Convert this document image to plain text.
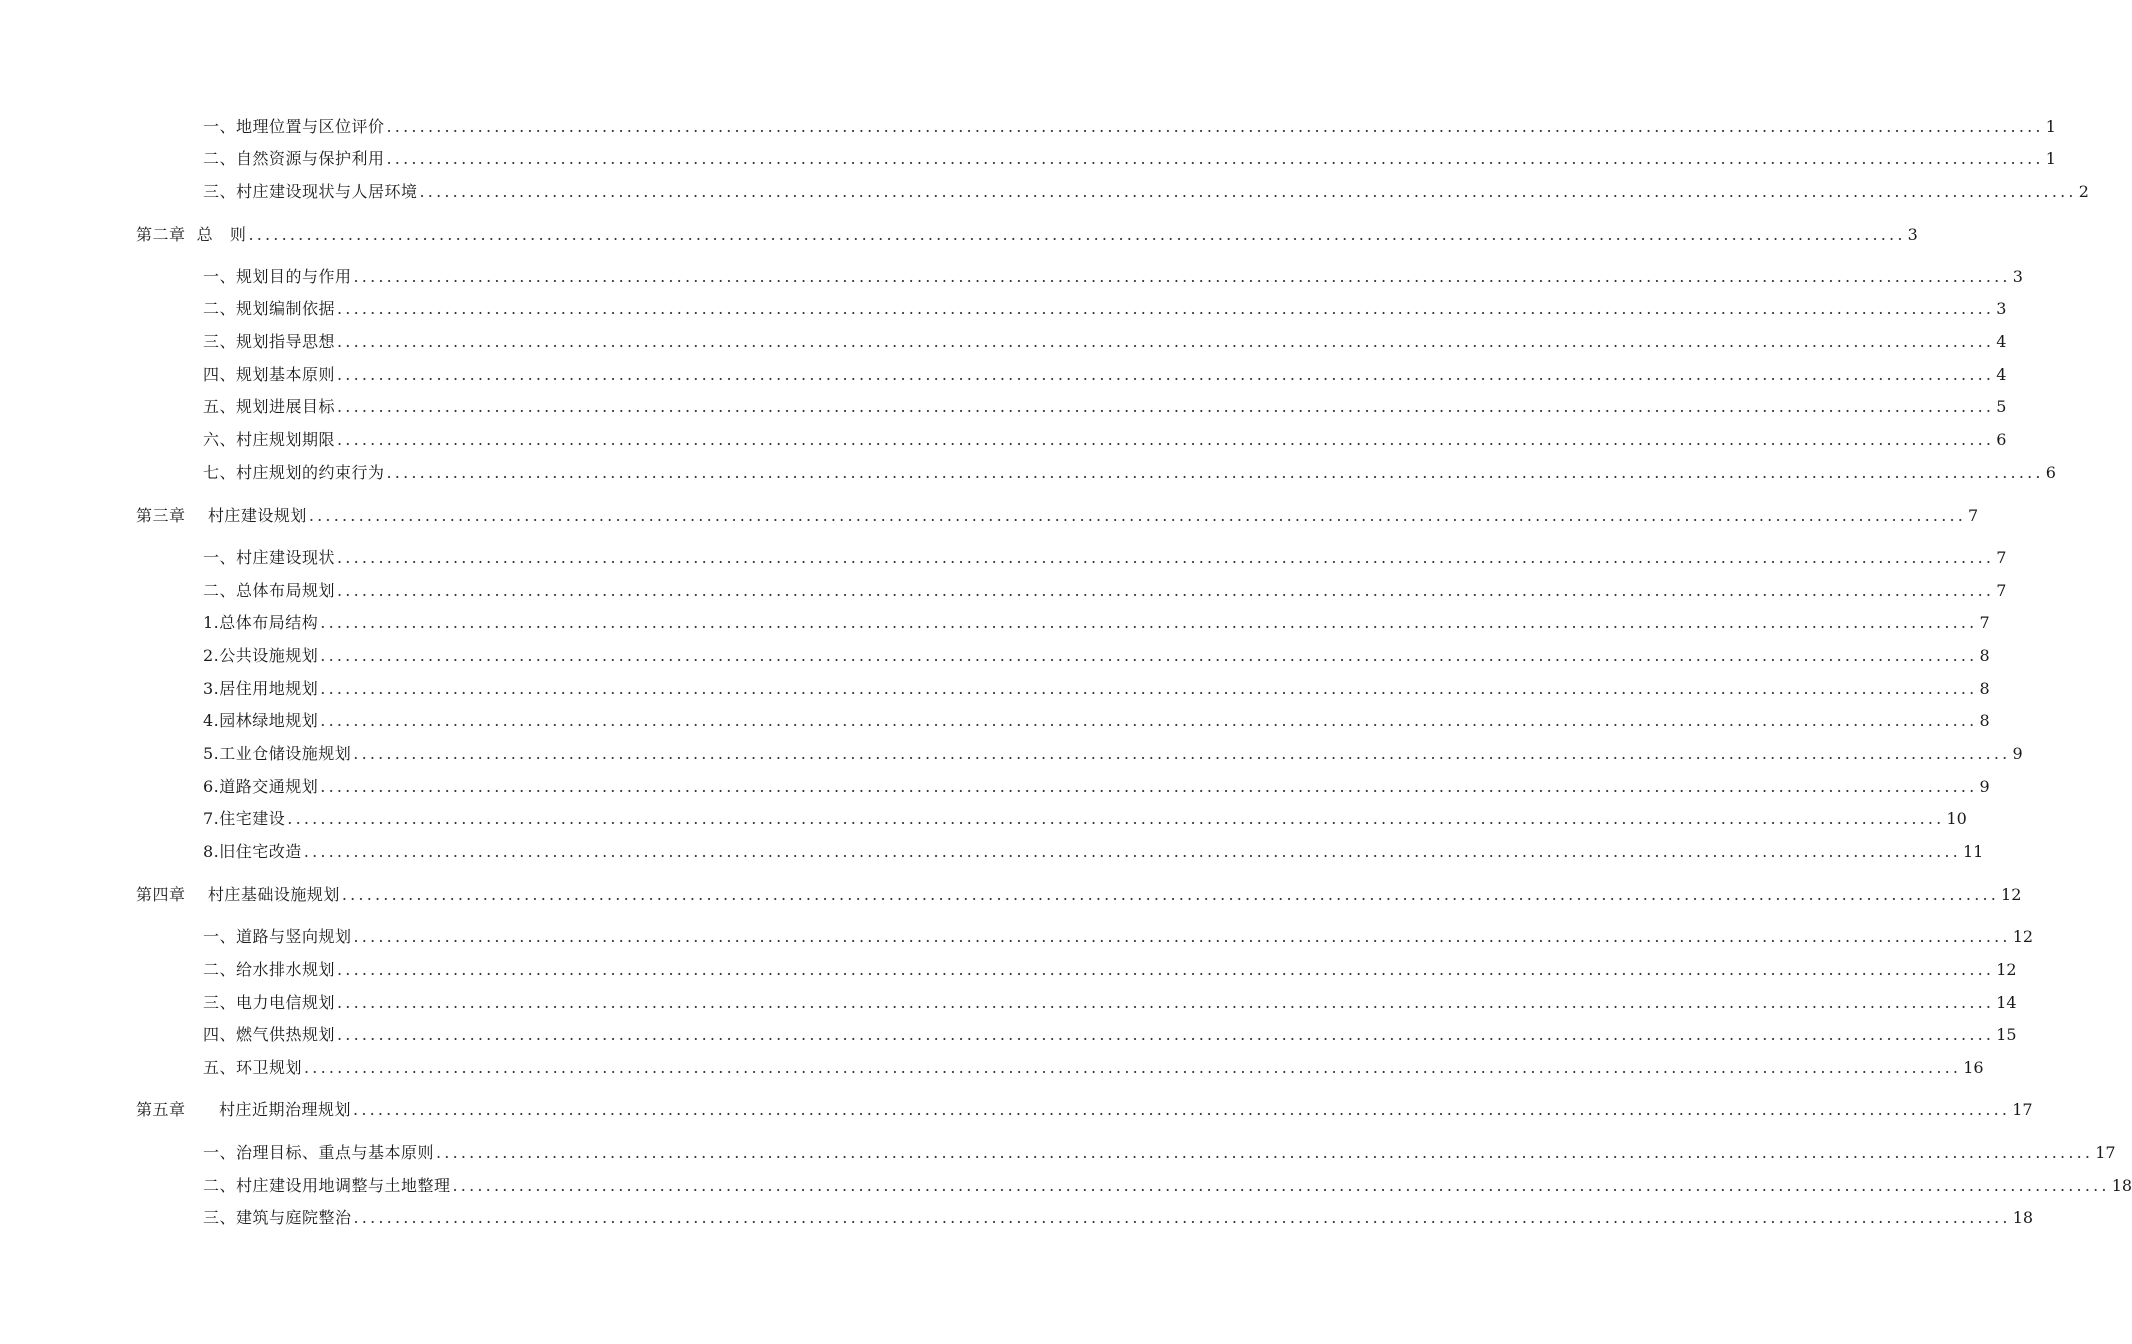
一、地理位置与区位评价 ........................................................................................................................................................................................................ 1
二、自然资源与保护利用 ........................................................................................................................................................................................................ 1
三、村庄建设现状与人居环境 ........................................................................................................................................................................................................ 2
第二章  总   则 ........................................................................................................................................................................................................ 3
一、规划目的与作用 ........................................................................................................................................................................................................ 3
二、规划编制依据 ........................................................................................................................................................................................................ 3
三、规划指导思想 ........................................................................................................................................................................................................ 4
四、规划基本原则 ........................................................................................................................................................................................................ 4
五、规划进展目标 ........................................................................................................................................................................................................ 5
六、村庄规划期限 ........................................................................................................................................................................................................ 6
七、村庄规划的约束行为 ........................................................................................................................................................................................................ 6
第三章    村庄建设规划 ........................................................................................................................................................................................................ 7
一、村庄建设现状 ........................................................................................................................................................................................................ 7
二、总体布局规划 ........................................................................................................................................................................................................ 7
1.总体布局结构 ........................................................................................................................................................................................................ 7
2.公共设施规划 ........................................................................................................................................................................................................ 8
3.居住用地规划 ........................................................................................................................................................................................................ 8
4.园林绿地规划 ........................................................................................................................................................................................................ 8
5.工业仓储设施规划 ........................................................................................................................................................................................................ 9
6.道路交通规划 ........................................................................................................................................................................................................ 9
7.住宅建设 ........................................................................................................................................................................................................ 10
8.旧住宅改造 ........................................................................................................................................................................................................ 11
第四章    村庄基础设施规划 ........................................................................................................................................................................................................ 12
一、道路与竖向规划 ........................................................................................................................................................................................................ 12
二、给水排水规划 ........................................................................................................................................................................................................ 12
三、电力电信规划 ........................................................................................................................................................................................................ 14
四、燃气供热规划 ........................................................................................................................................................................................................ 15
五、环卫规划 ........................................................................................................................................................................................................ 16
第五章      村庄近期治理规划 ........................................................................................................................................................................................................ 17
一、治理目标、重点与基本原则 ........................................................................................................................................................................................................ 17
二、村庄建设用地调整与土地整理 ........................................................................................................................................................................................................ 18
三、建筑与庭院整治 ........................................................................................................................................................................................................ 18
